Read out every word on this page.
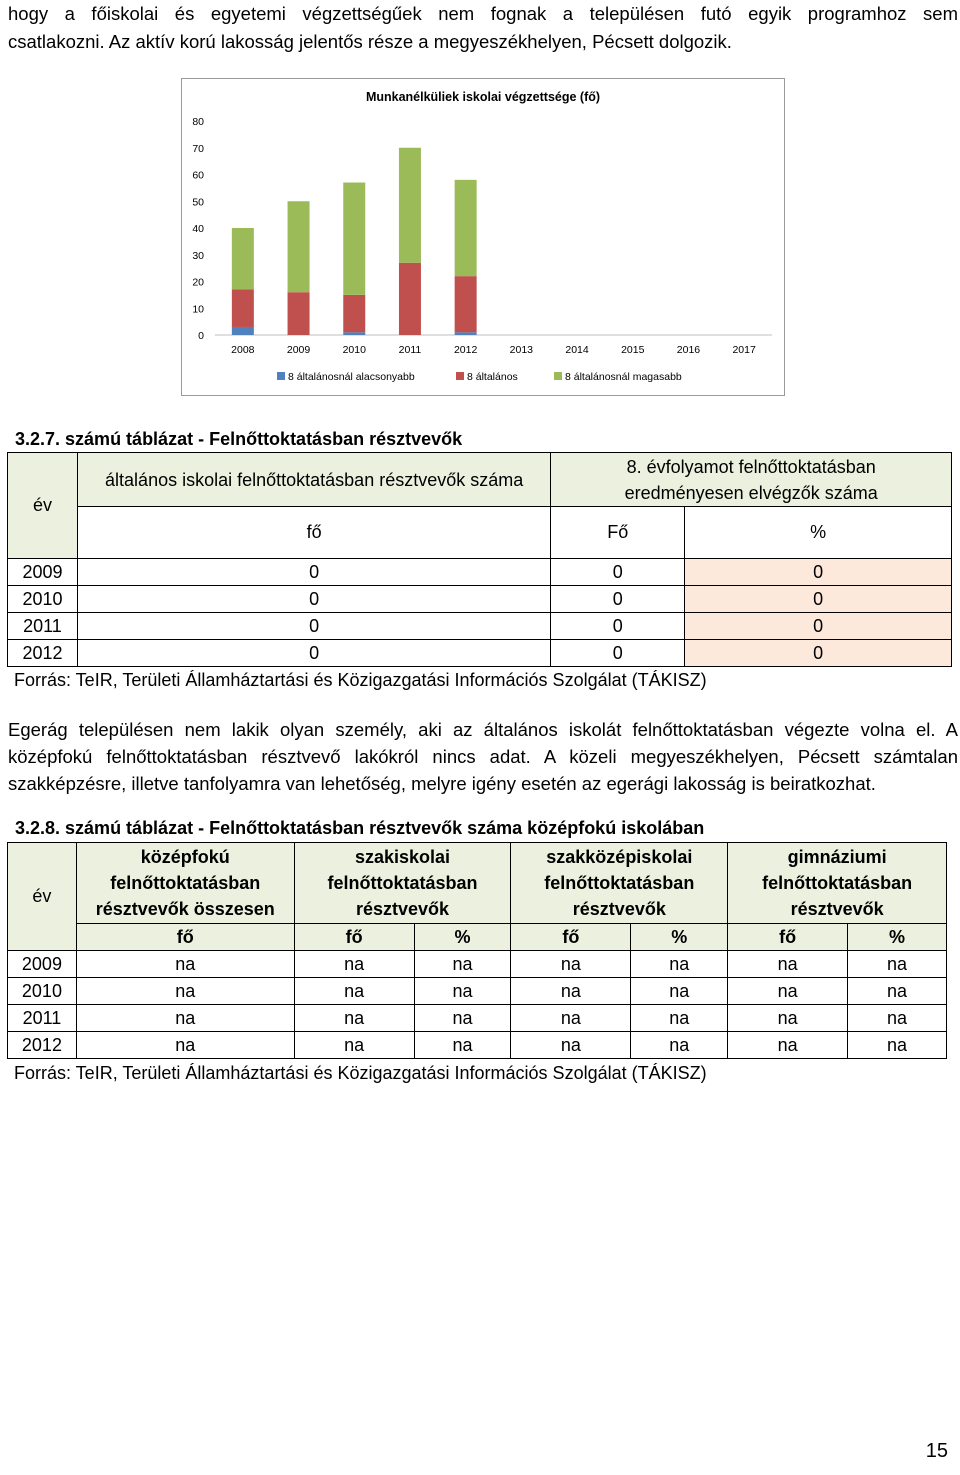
hogy a főiskolai és egyetemi végzettségűek nem fognak a településen futó egyik programhoz sem
csatlakozni. Az aktív korú lakosság jelentős része a megyeszékhelyen, Pécsett dolgozik.
Munkanélküliek iskolai végzettsége (fő)
0
10
20
30
40
50
60
70
80
2008	2009	2010	2011	2012	2013	2014	2015	2016	2017
8 általánosnál alacsonyabb	8 általános	8 általánosnál magasabb
3.2.7. számú táblázat - Felnőttoktatásban résztvevők
év	általános iskolai felnőttoktatásban résztvevők száma	8. évfolyamot felnőttoktatásban eredményesen elvégzők száma	
	fő	Fő	%
2009	0	0	0
2010	0	0	0
2011	0	0	0
2012	0	0	0
Forrás: TeIR, Területi Államháztartási és Közigazgatási Információs Szolgálat (TÁKISZ)
Egerág településen nem lakik olyan személy, aki az általános iskolát felnőttoktatásban végezte volna el. A
középfokú felnőttoktatásban résztvevő lakókról nincs adat. A közeli megyeszékhelyen, Pécsett számtalan
szakképzésre, illetve tanfolyamra van lehetőség, melyre igény esetén az egerági lakosság is beiratkozhat.
3.2.8. számú táblázat - Felnőttoktatásban résztvevők száma középfokú iskolában
év	középfokú felnőttoktatásban résztvevők összesen	szakiskolai felnőttoktatásban résztvevők		szakközépiskolai felnőttoktatásban résztvevők		gimnáziumi felnőttoktatásban résztvevők	
	fő	fő	%	fő	%	fő	%
2009	na	na	na	na	na	na	na
2010	na	na	na	na	na	na	na
2011	na	na	na	na	na	na	na
2012	na	na	na	na	na	na	na
Forrás: TeIR, Területi Államháztartási és Közigazgatási Információs Szolgálat (TÁKISZ)
15
